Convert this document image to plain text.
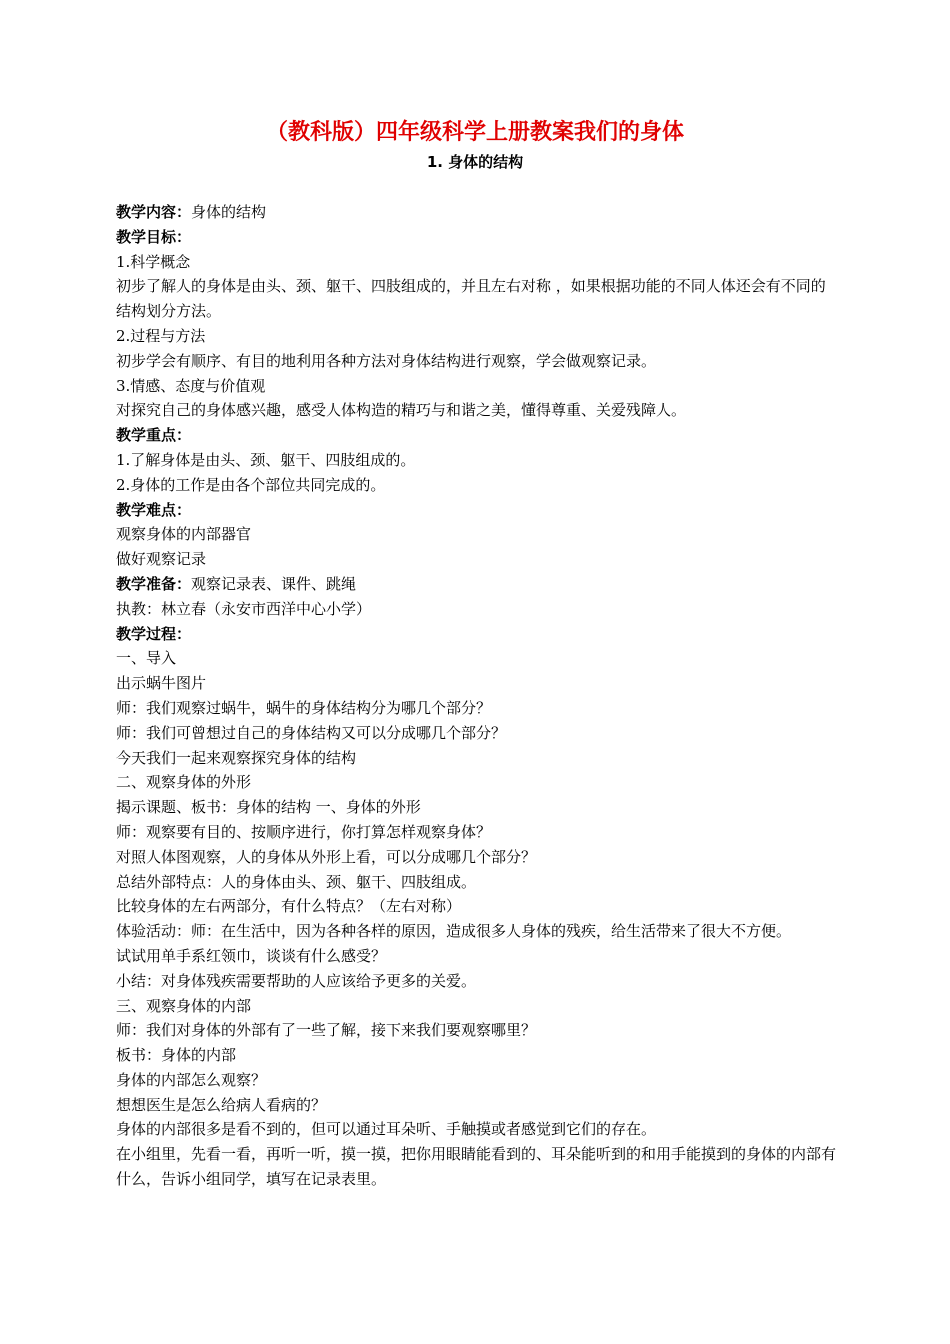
（教科版）四年级科学上册教案我们的身体
1. 身体的结构
教学内容：身体的结构
教学目标：
1.科学概念
初步了解人的身体是由头、颈、躯干、四肢组成的，并且左右对称 ，如果根据功能的不同人体还会有不同的结构划分方法。
2.过程与方法
初步学会有顺序、有目的地利用各种方法对身体结构进行观察，学会做观察记录。
3.情感、态度与价值观
对探究自己的身体感兴趣，感受人体构造的精巧与和谐之美，懂得尊重、关爱残障人。
教学重点：
1.了解身体是由头、颈、躯干、四肢组成的。
2.身体的工作是由各个部位共同完成的。
教学难点：
观察身体的内部器官
做好观察记录
教学准备：观察记录表、课件、跳绳
执教：林立春（永安市西洋中心小学）
教学过程：
一、导入
出示蜗牛图片
师：我们观察过蜗牛，蜗牛的身体结构分为哪几个部分？
师：我们可曾想过自己的身体结构又可以分成哪几个部分？
今天我们一起来观察探究身体的结构
二、观察身体的外形
揭示课题、板书：身体的结构 一、身体的外形
师：观察要有目的、按顺序进行，你打算怎样观察身体？
对照人体图观察，人的身体从外形上看，可以分成哪几个部分？
总结外部特点：人的身体由头、颈、躯干、四肢组成。
比较身体的左右两部分，有什么特点？（左右对称）
体验活动：师：在生活中，因为各种各样的原因，造成很多人身体的残疾，给生活带来了很大不方便。
试试用单手系红领巾，谈谈有什么感受？
小结：对身体残疾需要帮助的人应该给予更多的关爱。
三、观察身体的内部
师：我们对身体的外部有了一些了解，接下来我们要观察哪里？
板书：身体的内部
身体的内部怎么观察？
想想医生是怎么给病人看病的？
身体的内部很多是看不到的，但可以通过耳朵听、手触摸或者感觉到它们的存在。
在小组里，先看一看，再听一听，摸一摸，把你用眼睛能看到的、耳朵能听到的和用手能摸到的身体的内部有什么，告诉小组同学，填写在记录表里。
